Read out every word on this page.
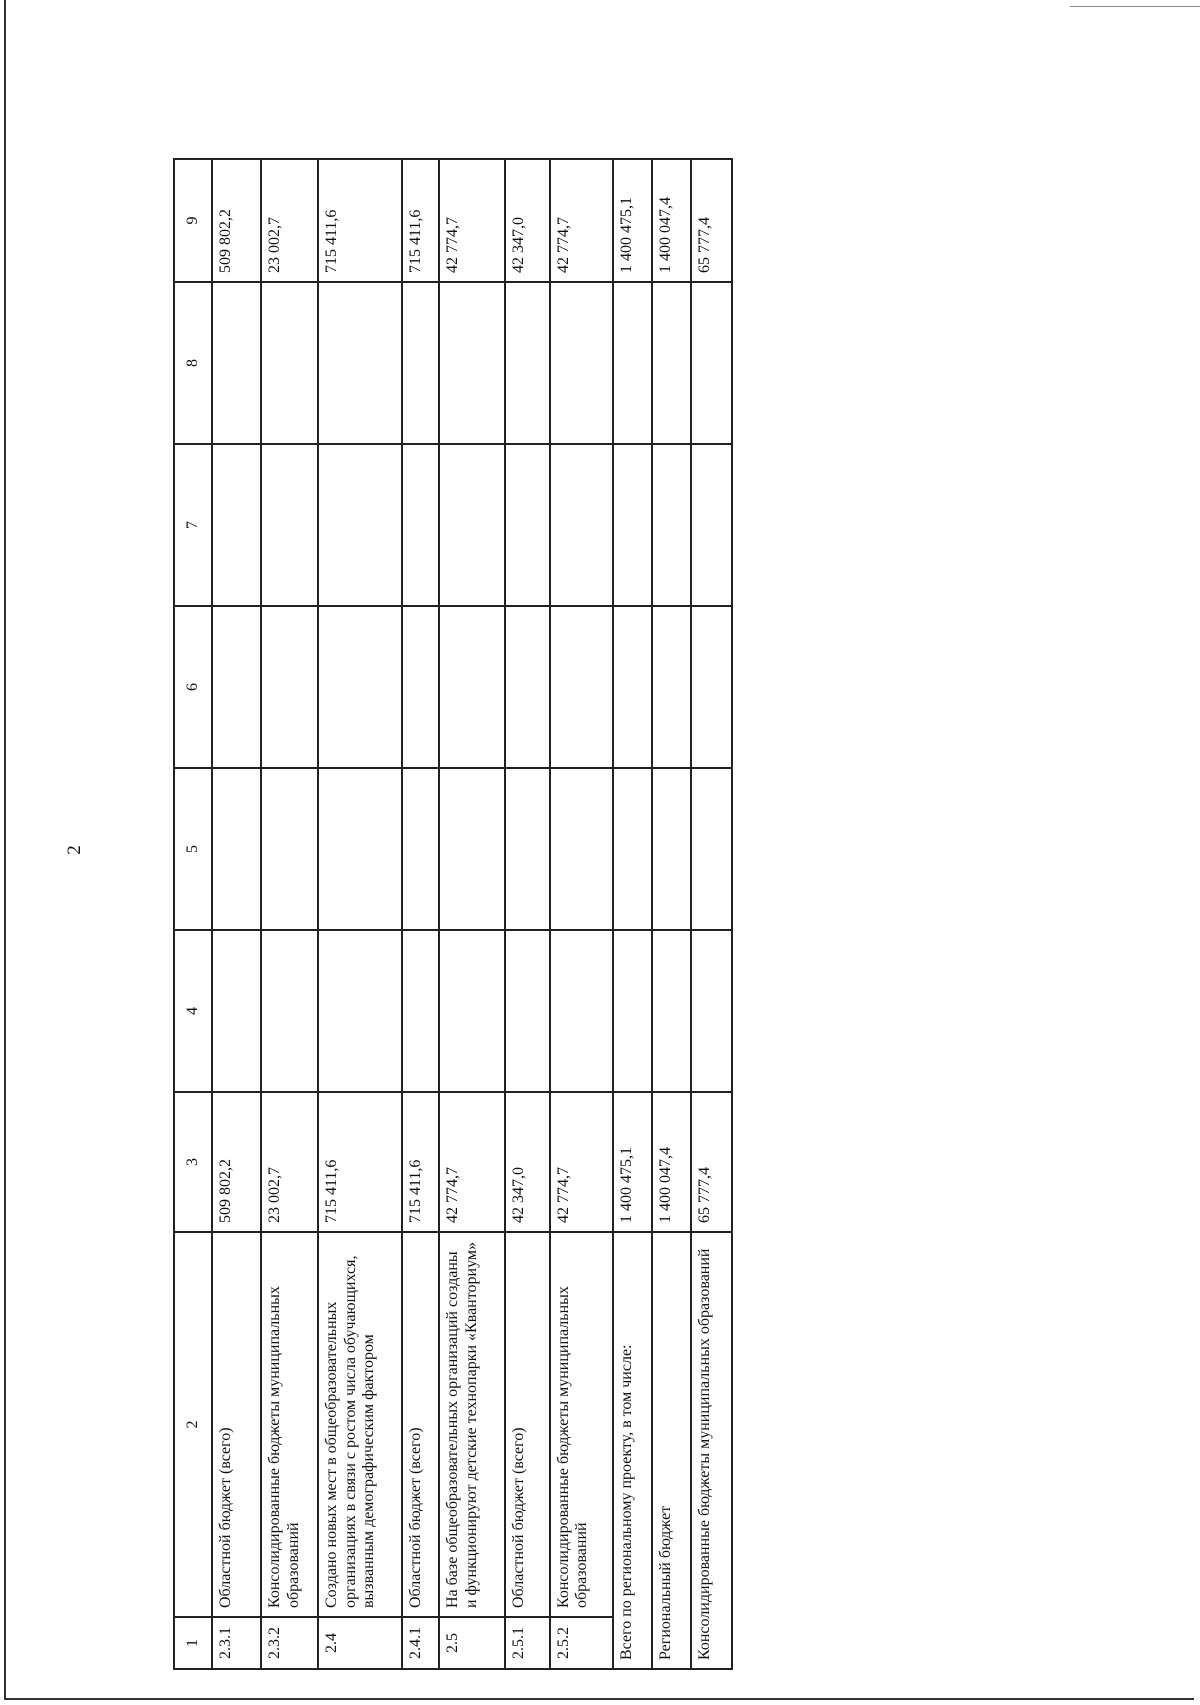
2
1	2	3	4	5	6	7	8	9
2.3.1	Областной бюджет (всего)	509 802,2						509 802,2
2.3.2	Консолидированные бюджеты муниципальных образований	23 002,7						23 002,7
2.4	Создано новых мест в общеобразовательных организациях в связи с ростом числа обучающихся, вызванным демографическим фактором	715 411,6						715 411,6
2.4.1	Областной бюджет (всего)	715 411,6						715 411,6
2.5	На базе общеобразовательных организаций созданы и функционируют детские технопарки «Кванториум»	42 774,7						42 774,7
2.5.1	Областной бюджет (всего)	42 347,0						42 347,0
2.5.2	Консолидированные бюджеты муниципальных образований	42 774,7						42 774,7
Всего по региональному проекту, в том числе:		1 400 475,1						1 400 475,1
Региональный бюджет		1 400 047,4						1 400 047,4
Консолидированные бюджеты муниципальных образований		65 777,4						65 777,4
